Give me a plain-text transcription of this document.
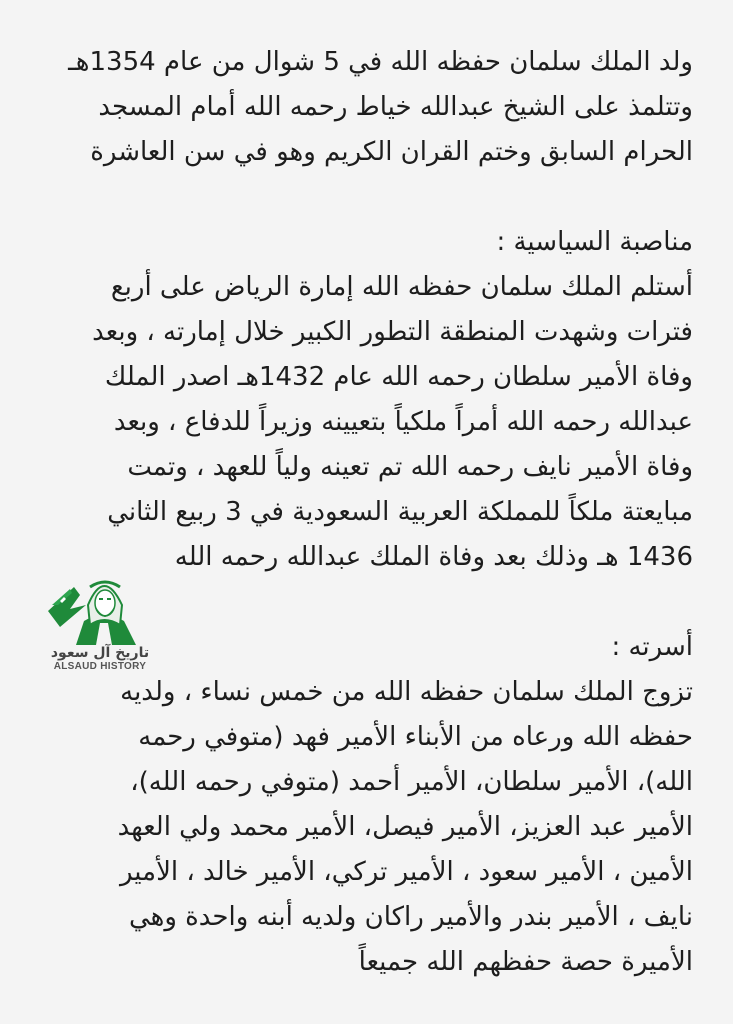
ولد الملك سلمان حفظه الله في 5 شوال من عام 1354هـ
وتتلمذ على الشيخ عبدالله خياط رحمه الله أمام المسجد
الحرام السابق وختم القران الكريم وهو في سن العاشرة
مناصبة السياسية :
أستلم الملك سلمان حفظه الله إمارة الرياض على أربع
فترات وشهدت المنطقة التطور الكبير خلال إمارته ، وبعد
وفاة الأمير سلطان رحمه الله عام 1432هـ اصدر الملك
عبدالله رحمه الله أمراً ملكياً بتعيينه وزيراً للدفاع ، وبعد
وفاة الأمير نايف رحمه الله تم تعينه ولياً للعهد ، وتمت
مبايعتة ملكاً للمملكة العربية السعودية في 3 ربيع الثاني
1436 هـ وذلك بعد وفاة الملك عبدالله رحمه الله
أسرته :
تزوج الملك سلمان حفظه الله من خمس نساء ، ولديه
حفظه الله ورعاه من الأبناء الأمير فهد (متوفي رحمه
الله)، الأمير سلطان، الأمير أحمد (متوفي رحمه الله)،
الأمير عبد العزيز، الأمير فيصل، الأمير محمد ولي العهد
الأمين ، الأمير سعود ، الأمير تركي، الأمير خالد ، الأمير
نايف ، الأمير بندر والأمير راكان ولديه أبنه واحدة وهي
الأميرة حصة حفظهم الله جميعاً
تاريخ آل سعود
ALSAUD HISTORY
